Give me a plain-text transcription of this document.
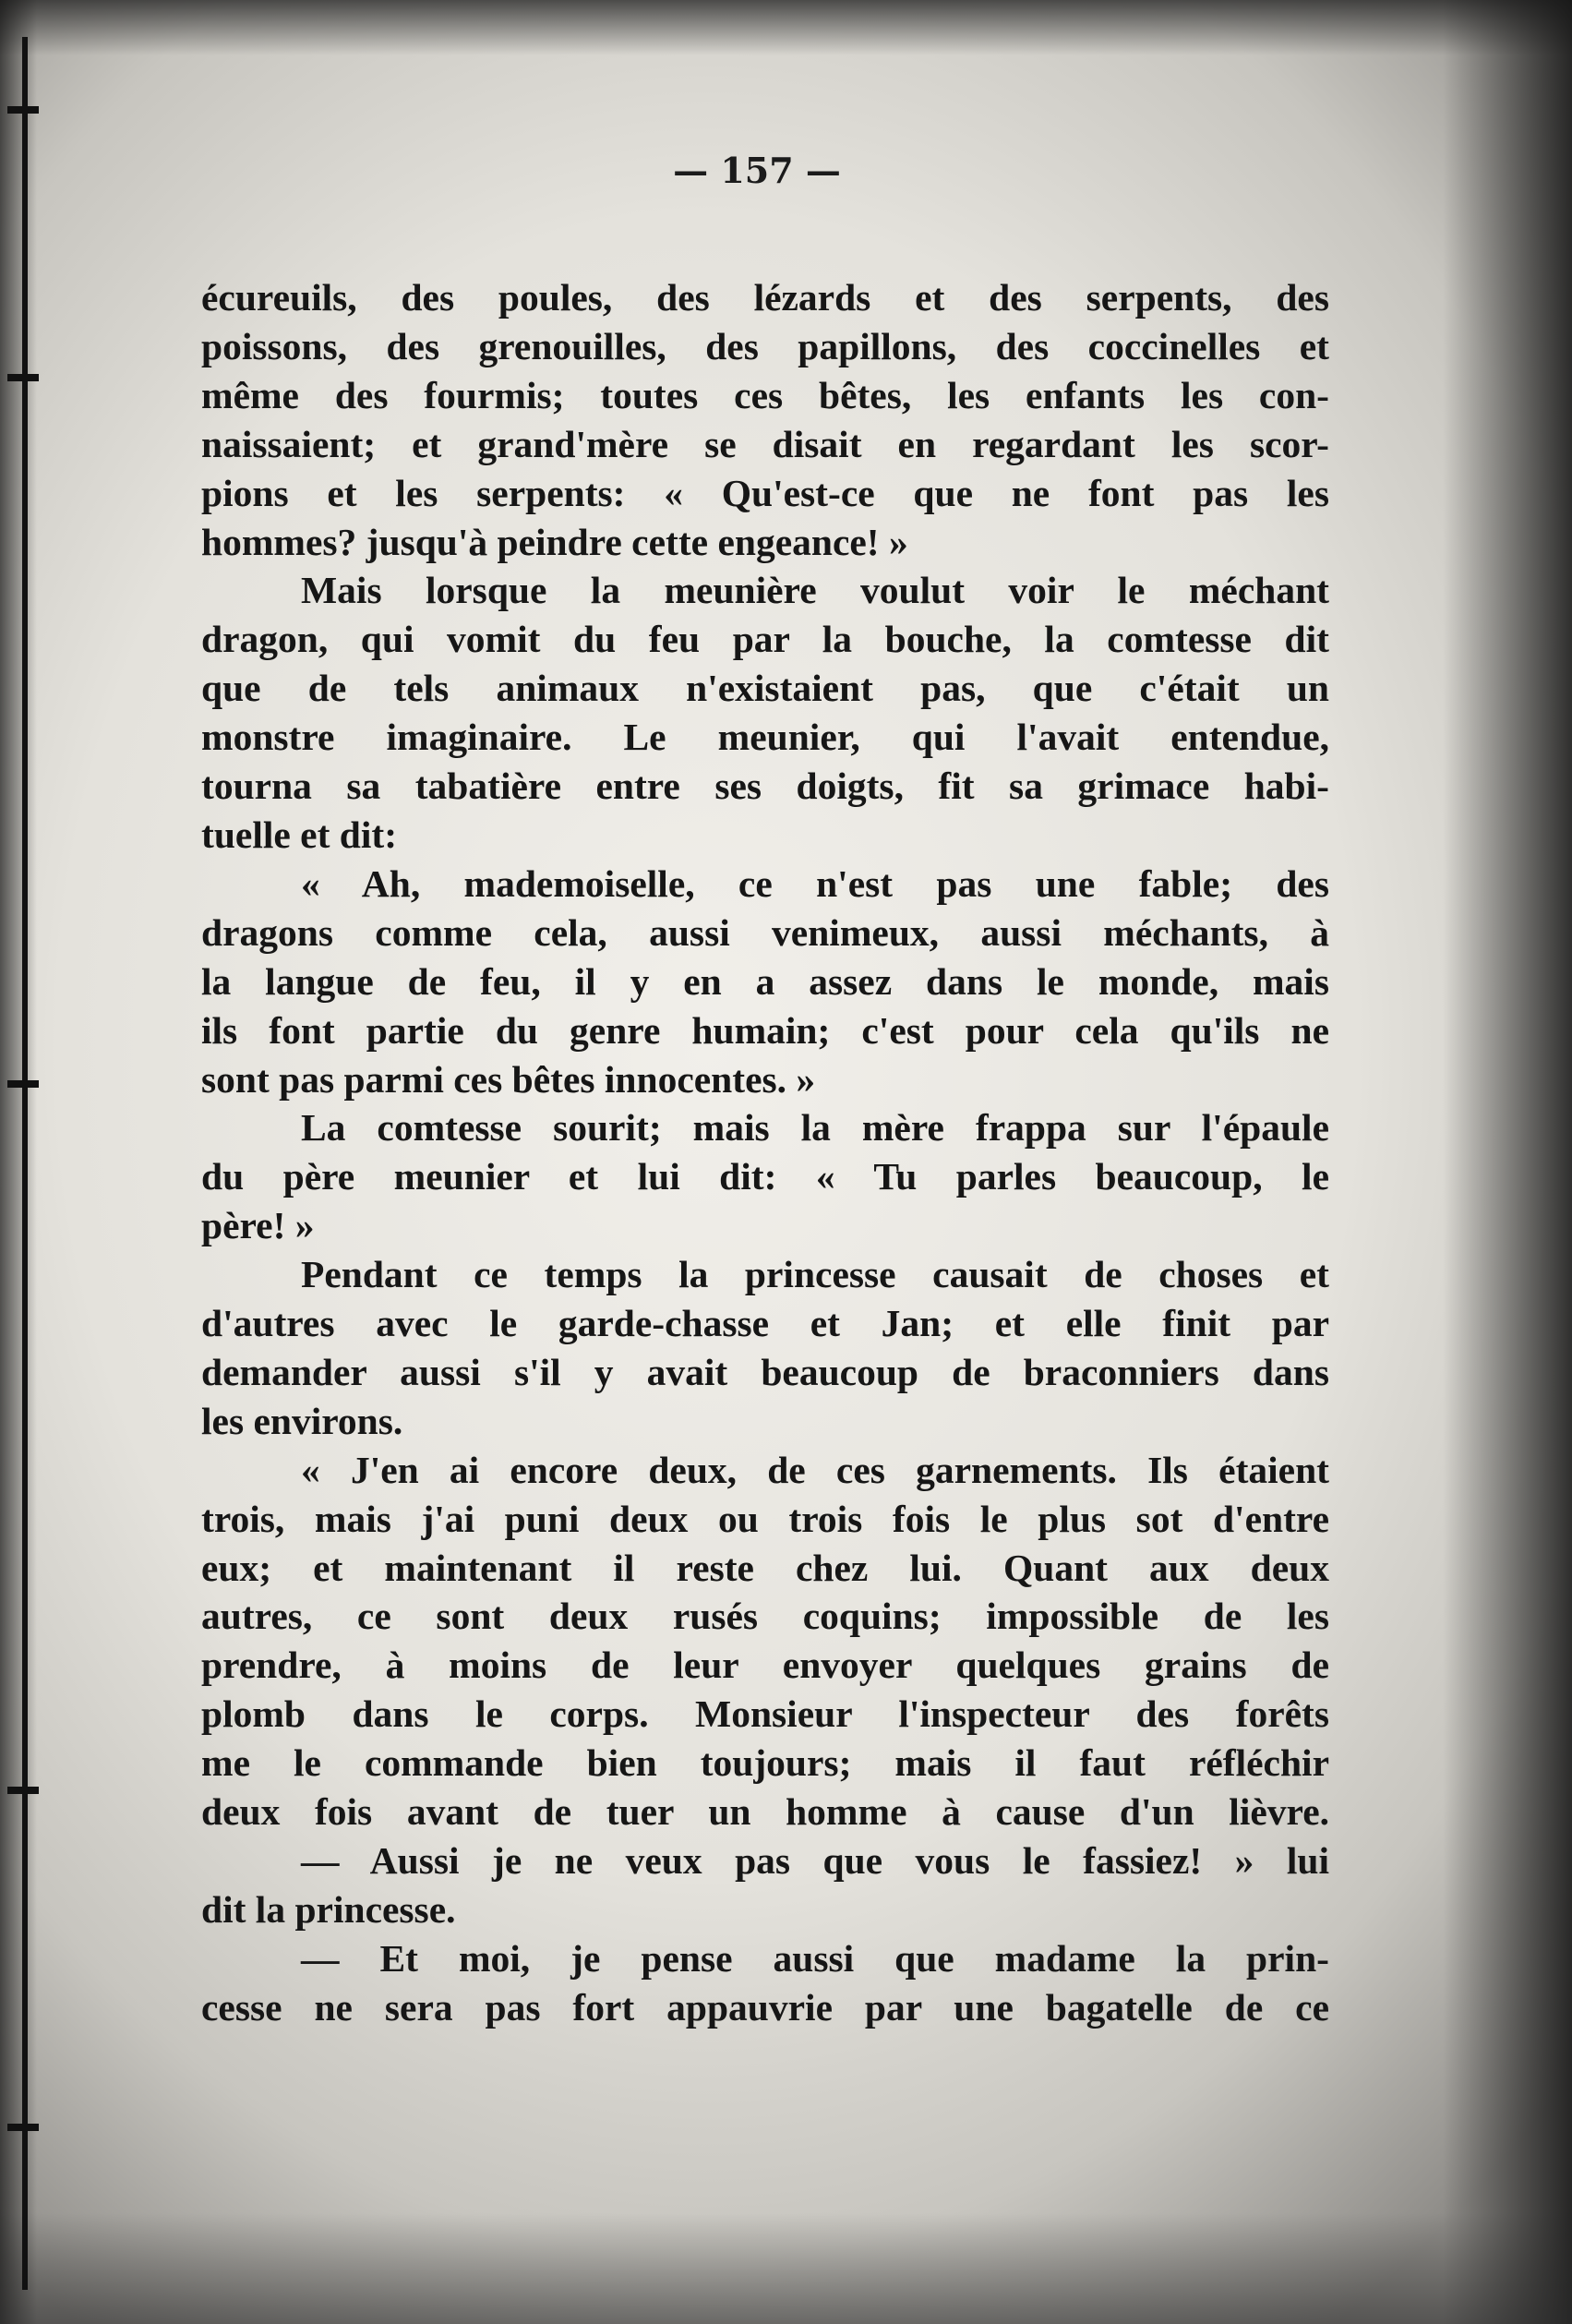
— 157 —
écureuils, des poules, des lézards et des serpents, des
poissons, des grenouilles, des papillons, des coccinelles et
même des fourmis; toutes ces bêtes, les enfants les con-
naissaient; et grand'mère se disait en regardant les scor-
pions et les serpents: « Qu'est-ce que ne font pas les
hommes? jusqu'à peindre cette engeance! »
Mais lorsque la meunière voulut voir le méchant
dragon, qui vomit du feu par la bouche, la comtesse dit
que de tels animaux n'existaient pas, que c'était un
monstre imaginaire. Le meunier, qui l'avait entendue,
tourna sa tabatière entre ses doigts, fit sa grimace habi-
tuelle et dit:
« Ah, mademoiselle, ce n'est pas une fable; des
dragons comme cela, aussi venimeux, aussi méchants, à
la langue de feu, il y en a assez dans le monde, mais
ils font partie du genre humain; c'est pour cela qu'ils ne
sont pas parmi ces bêtes innocentes. »
La comtesse sourit; mais la mère frappa sur l'épaule
du père meunier et lui dit: « Tu parles beaucoup, le
père! »
Pendant ce temps la princesse causait de choses et
d'autres avec le garde-chasse et Jan; et elle finit par
demander aussi s'il y avait beaucoup de braconniers dans
les environs.
« J'en ai encore deux, de ces garnements. Ils étaient
trois, mais j'ai puni deux ou trois fois le plus sot d'entre
eux; et maintenant il reste chez lui. Quant aux deux
autres, ce sont deux rusés coquins; impossible de les
prendre, à moins de leur envoyer quelques grains de
plomb dans le corps. Monsieur l'inspecteur des forêts
me le commande bien toujours; mais il faut réfléchir
deux fois avant de tuer un homme à cause d'un lièvre.
— Aussi je ne veux pas que vous le fassiez! » lui
dit la princesse.
— Et moi, je pense aussi que madame la prin-
cesse ne sera pas fort appauvrie par une bagatelle de ce
